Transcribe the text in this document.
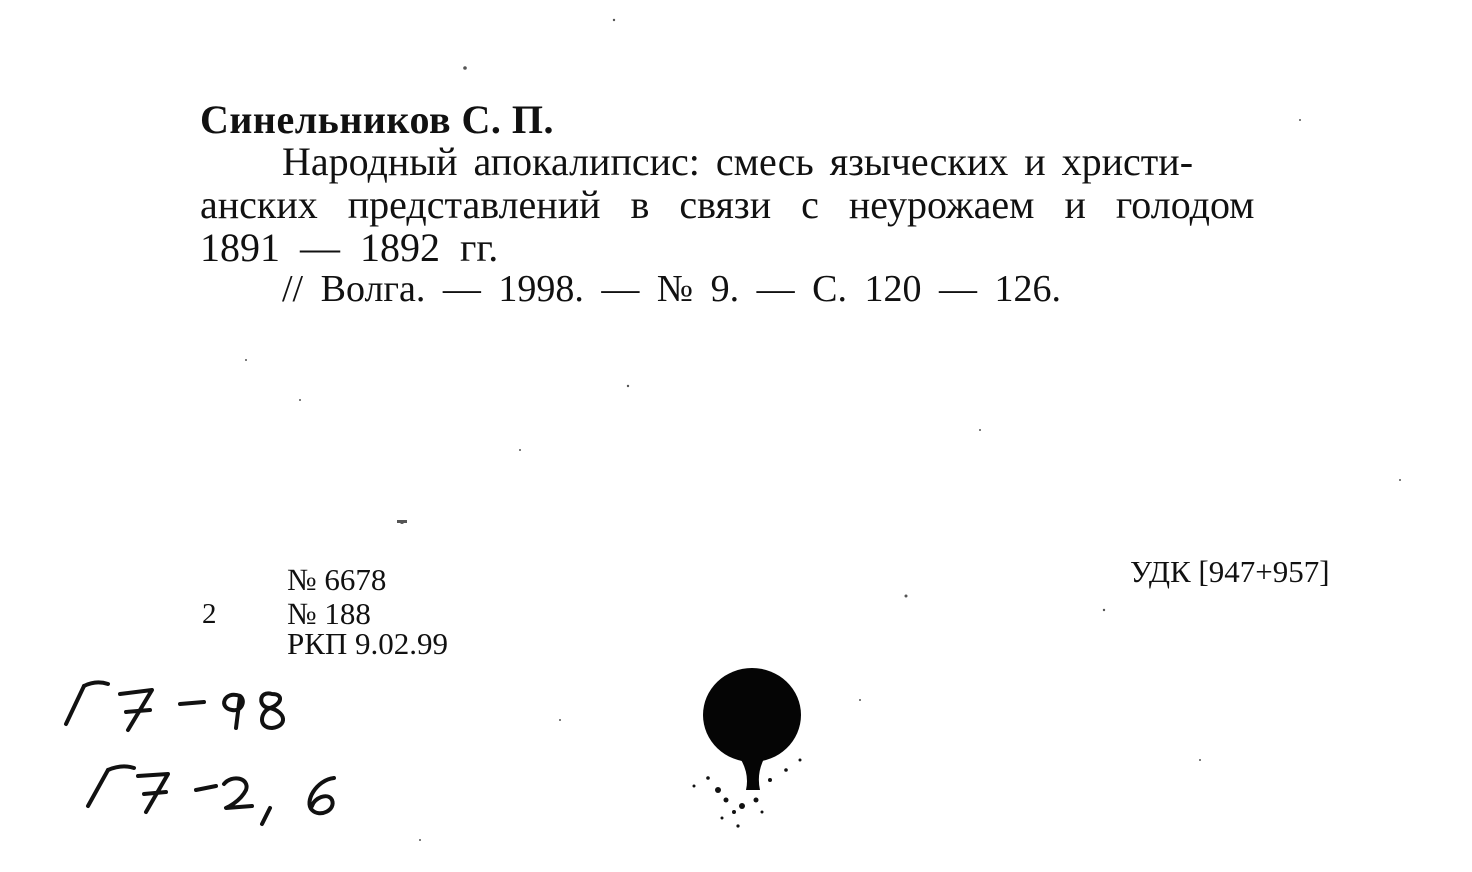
Синельников С. П.
Народный апокалипсис: смесь языческих и христи-
анских представлений в связи с неурожаем и голодом
1891 — 1892 гг.
// Волга. — 1998. — № 9. — С. 120 — 126.
№ 6678
2 № 188
РКП 9.02.99
УДК [947+957]
